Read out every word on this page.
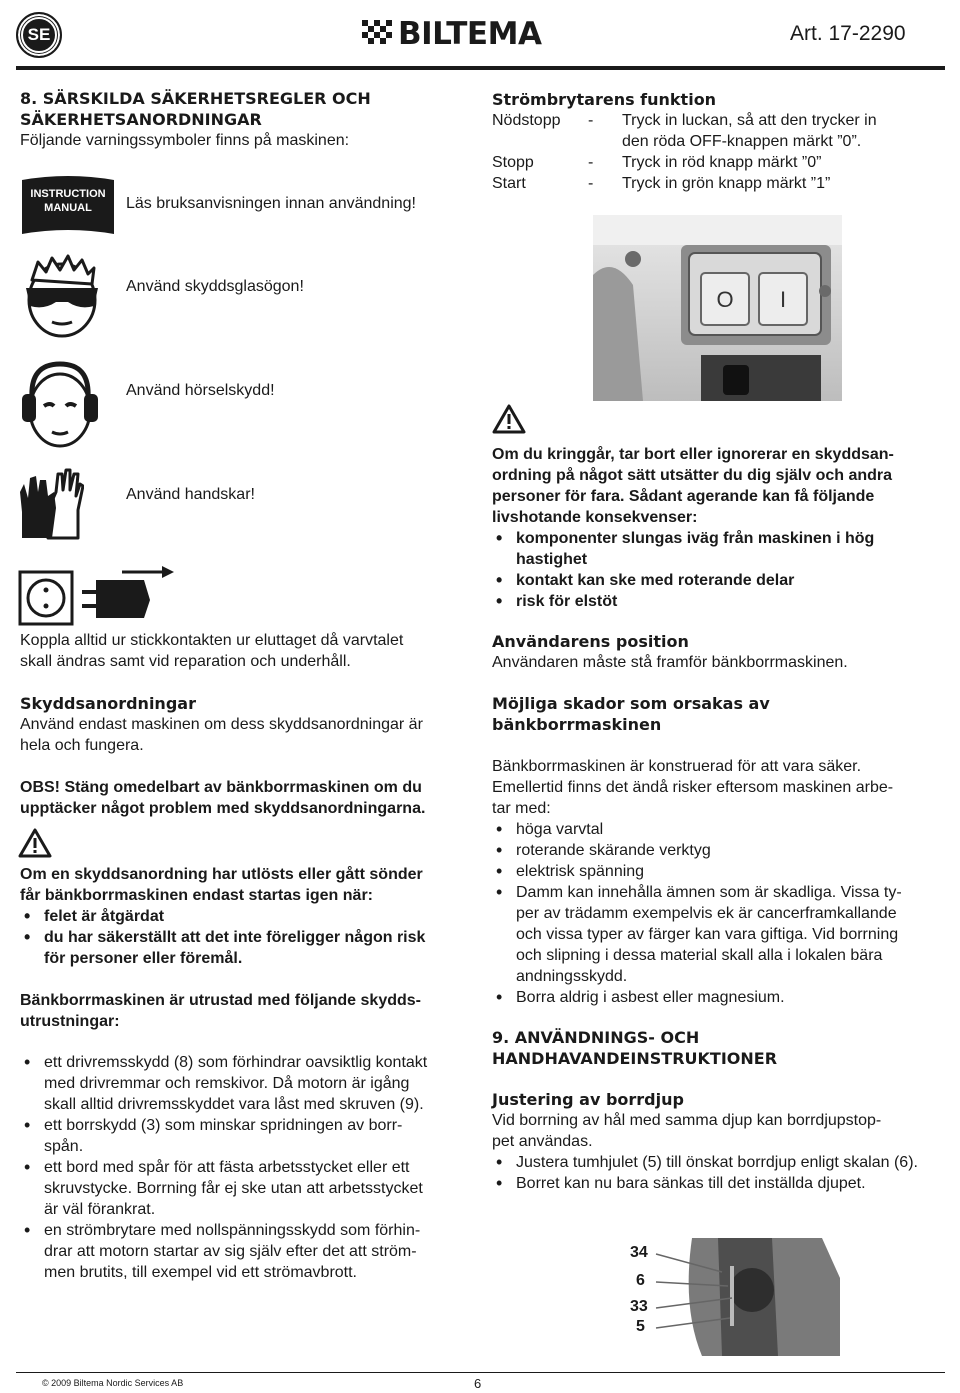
SE	BILTEMA	Art. 17-2290
8. SÄRSKILDA SÄKERHETSREGLER OCH
SÄKERHETSANORDNINGAR
Följande varningssymboler finns på maskinen:
INSTRUCTION
MANUAL	Läs bruksanvisningen innan användning!
Använd skyddsglasögon!
Använd hörselskydd!
Använd handskar!
Koppla alltid ur stickkontakten ur eluttaget då varvtalet
skall ändras samt vid reparation och underhåll.
Skyddsanordningar
Använd endast maskinen om dess skyddsanordningar är
hela och fungera.
OBS! Stäng omedelbart av bänkborrmaskinen om du
upptäcker något problem med skyddsanordningarna.
Om en skyddsanordning har utlösts eller gått sönder
får bänkborrmaskinen endast startas igen när:
• felet är åtgärdat
• du har säkerställt att det inte föreligger någon risk
för personer eller föremål.
Bänkborrmaskinen är utrustad med följande skydds-
utrustningar:
• ett drivremsskydd (8) som förhindrar oavsiktlig kontakt
med drivremmar och remskivor. Då motorn är igång
skall alltid drivremsskyddet vara låst med skruven (9).
• ett borrskydd (3) som minskar spridningen av borr-
spån.
• ett bord med spår för att fästa arbetsstycket eller ett
skruvstycke. Borrning får ej ske utan att arbetsstycket
är väl förankrat.
• en strömbrytare med nollspänningsskydd som förhin-
drar att motorn startar av sig själv efter det att ström-
men brutits, till exempel vid ett strömavbrott.
Strömbrytarens funktion
Nödstopp	-	Tryck in luckan, så att den trycker in
den röda OFF-knappen märkt ”0”.
Stopp	-	Tryck in röd knapp märkt ”0”
Start	-	Tryck in grön knapp märkt ”1”
O	I
Om du kringgår, tar bort eller ignorerar en skyddsan-
ordning på något sätt utsätter du dig själv och andra
personer för fara. Sådant agerande kan få följande
livshotande konsekvenser:
• komponenter slungas iväg från maskinen i hög
hastighet
• kontakt kan ske med roterande delar
• risk för elstöt
Användarens position
Användaren måste stå framför bänkborrmaskinen.
Möjliga skador som orsakas av
bänkborrmaskinen
Bänkborrmaskinen är konstruerad för att vara säker.
Emellertid finns det ändå risker eftersom maskinen arbe-
tar med:
• höga varvtal
• roterande skärande verktyg
• elektrisk spänning
• Damm kan innehålla ämnen som är skadliga. Vissa ty-
per av trädamm exempelvis ek är cancerframkallande
och vissa typer av färger kan vara giftiga. Vid borrning
och slipning i dessa material skall alla i lokalen bära
andningsskydd.
• Borra aldrig i asbest eller magnesium.
9. ANVÄNDNINGS- OCH
HANDHAVANDEINSTRUKTIONER
Justering av borrdjup
Vid borrning av hål med samma djup kan borrdjupstop-
pet användas.
• Justera tumhjulet (5) till önskat borrdjup enligt skalan (6).
• Borret kan nu bara sänkas till det inställda djupet.
34
6
33
5
© 2009 Biltema Nordic Services AB	6
